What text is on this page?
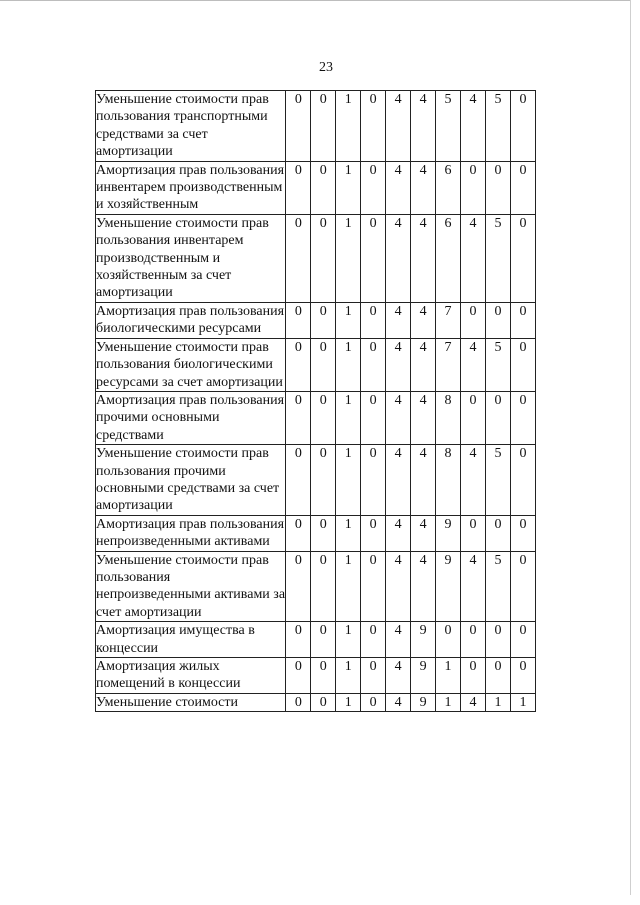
23
Уменьшение стоимости прав пользования транспортными средствами за счет амортизации	0	0	1	0	4	4	5	4	5	0
Амортизация прав пользования инвентарем производственным и хозяйственным	0	0	1	0	4	4	6	0	0	0
Уменьшение стоимости прав пользования инвентарем производственным и хозяйственным за счет амортизации	0	0	1	0	4	4	6	4	5	0
Амортизация прав пользования биологическими ресурсами	0	0	1	0	4	4	7	0	0	0
Уменьшение стоимости прав пользования биологическими ресурсами за счет амортизации	0	0	1	0	4	4	7	4	5	0
Амортизация прав пользования прочими основными средствами	0	0	1	0	4	4	8	0	0	0
Уменьшение стоимости прав пользования прочими основными средствами за счет амортизации	0	0	1	0	4	4	8	4	5	0
Амортизация прав пользования непроизведенными активами	0	0	1	0	4	4	9	0	0	0
Уменьшение стоимости прав пользования непроизведенными активами за счет амортизации	0	0	1	0	4	4	9	4	5	0
Амортизация имущества в концессии	0	0	1	0	4	9	0	0	0	0
Амортизация жилых помещений в концессии	0	0	1	0	4	9	1	0	0	0
Уменьшение стоимости	0	0	1	0	4	9	1	4	1	1
